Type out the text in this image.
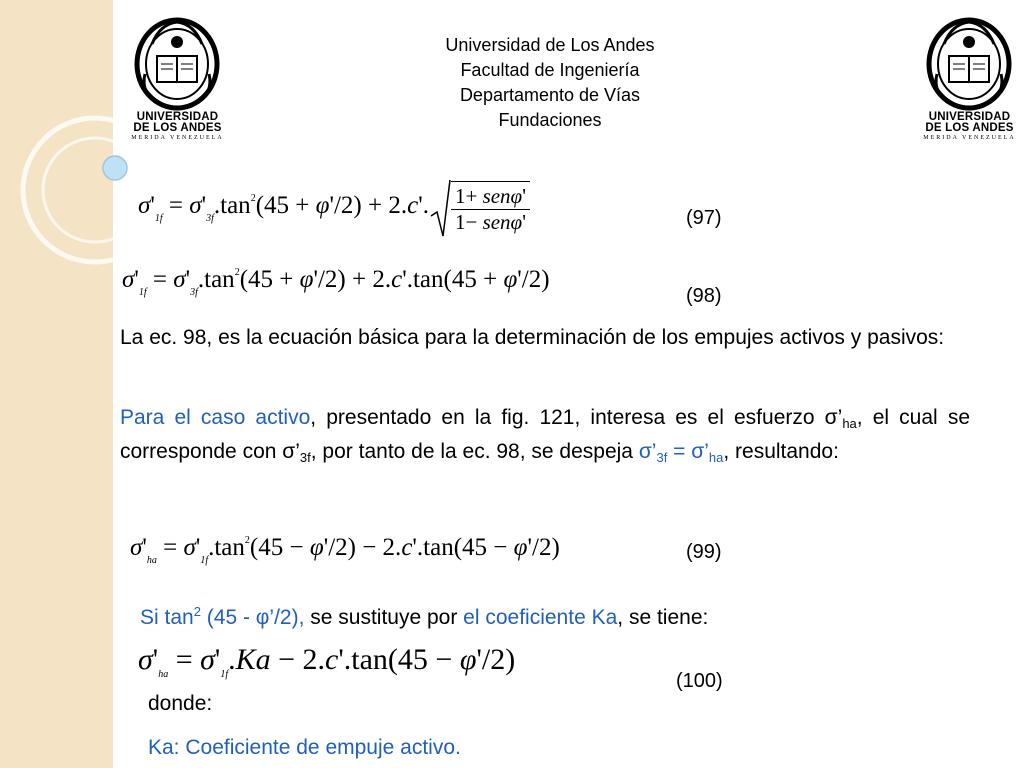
UNIVERSIDAD
DE LOS ANDES
MERIDA VENEZUELA
UNIVERSIDAD
DE LOS ANDES
MERIDA VENEZUELA
Universidad de Los Andes
Facultad de Ingeniería
Departamento de Vías
Fundaciones
$\sigma'_{1f} = \sigma'_{3f}.\tan^2(45 + \varphi'/2) + 2.c'$. $\frac{\text{1+ senφ'}}{\text{1− senφ'}}$	(97)
$\sigma'_{1f} = \sigma'_{3f}.\tan^2(45 + \varphi'/2) + 2.c'.\tan(45 + \varphi'/2)$
(98)
La ec. 98, es la ecuación básica para la determinación de los empujes activos y pasivos:
Para el caso activo, presentado en la fig. 121, interesa es el esfuerzo $\sigma’_{ha}$, el cual se corresponde con $\sigma’_{3f}$, por tanto de la ec. 98, se despeja $\sigma’_{3f}$ = $\sigma’_{ha}$, resultando:
$\sigma'_{ha} = \sigma'_{1f}.\tan^2(45 - \varphi'/2) - 2.c'.\tan(45 - \varphi'/2)$	(99)
Si $\tan^2 (45$ - φ’/2), se sustituye por el coeficiente Ka, se tiene:
$\sigma'_{ha} = \sigma'_{1f}.Ka - 2.c'.\tan(45 - \varphi'/2)$
(100)
donde:
Ka: Coeficiente de empuje activo.
